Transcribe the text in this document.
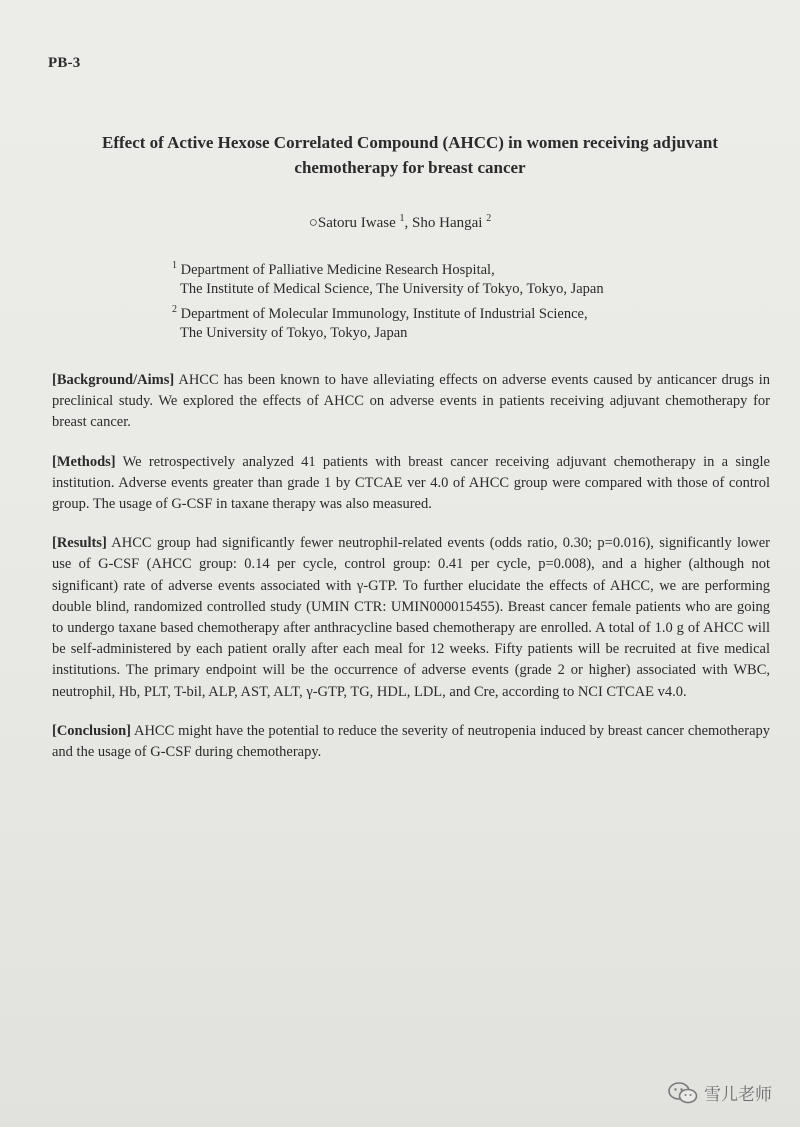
PB-3
Effect of Active Hexose Correlated Compound (AHCC) in women receiving adjuvant chemotherapy for breast cancer
○Satoru Iwase $^1$, Sho Hangai $^2$
$^1$ Department of Palliative Medicine Research Hospital,
The Institute of Medical Science, The University of Tokyo, Tokyo, Japan
$^2$ Department of Molecular Immunology, Institute of Industrial Science,
The University of Tokyo, Tokyo, Japan

[Background/Aims] AHCC has been known to have alleviating effects on adverse events caused by anticancer drugs in preclinical study. We explored the effects of AHCC on adverse events in patients receiving adjuvant chemotherapy for breast cancer.

[Methods] We retrospectively analyzed 41 patients with breast cancer receiving adjuvant chemotherapy in a single institution. Adverse events greater than grade 1 by CTCAE ver 4.0 of AHCC group were compared with those of control group. The usage of G-CSF in taxane therapy was also measured.

[Results] AHCC group had significantly fewer neutrophil-related events (odds ratio, 0.30; p=0.016), significantly lower use of G-CSF (AHCC group: 0.14 per cycle, control group: 0.41 per cycle, p=0.008), and a higher (although not significant) rate of adverse events associated with γ-GTP. To further elucidate the effects of AHCC, we are performing double blind, randomized controlled study (UMIN CTR: UMIN000015455). Breast cancer female patients who are going to undergo taxane based chemotherapy after anthracycline based chemotherapy are enrolled. A total of 1.0 g of AHCC will be self-administered by each patient orally after each meal for 12 weeks. Fifty patients will be recruited at five medical institutions. The primary endpoint will be the occurrence of adverse events (grade 2 or higher) associated with WBC, neutrophil, Hb, PLT, T-bil, ALP, AST, ALT, γ-GTP, TG, HDL, LDL, and Cre, according to NCI CTCAE v4.0.

[Conclusion] AHCC might have the potential to reduce the severity of neutropenia induced by breast cancer chemotherapy and the usage of G-CSF during chemotherapy.

雪儿老师
